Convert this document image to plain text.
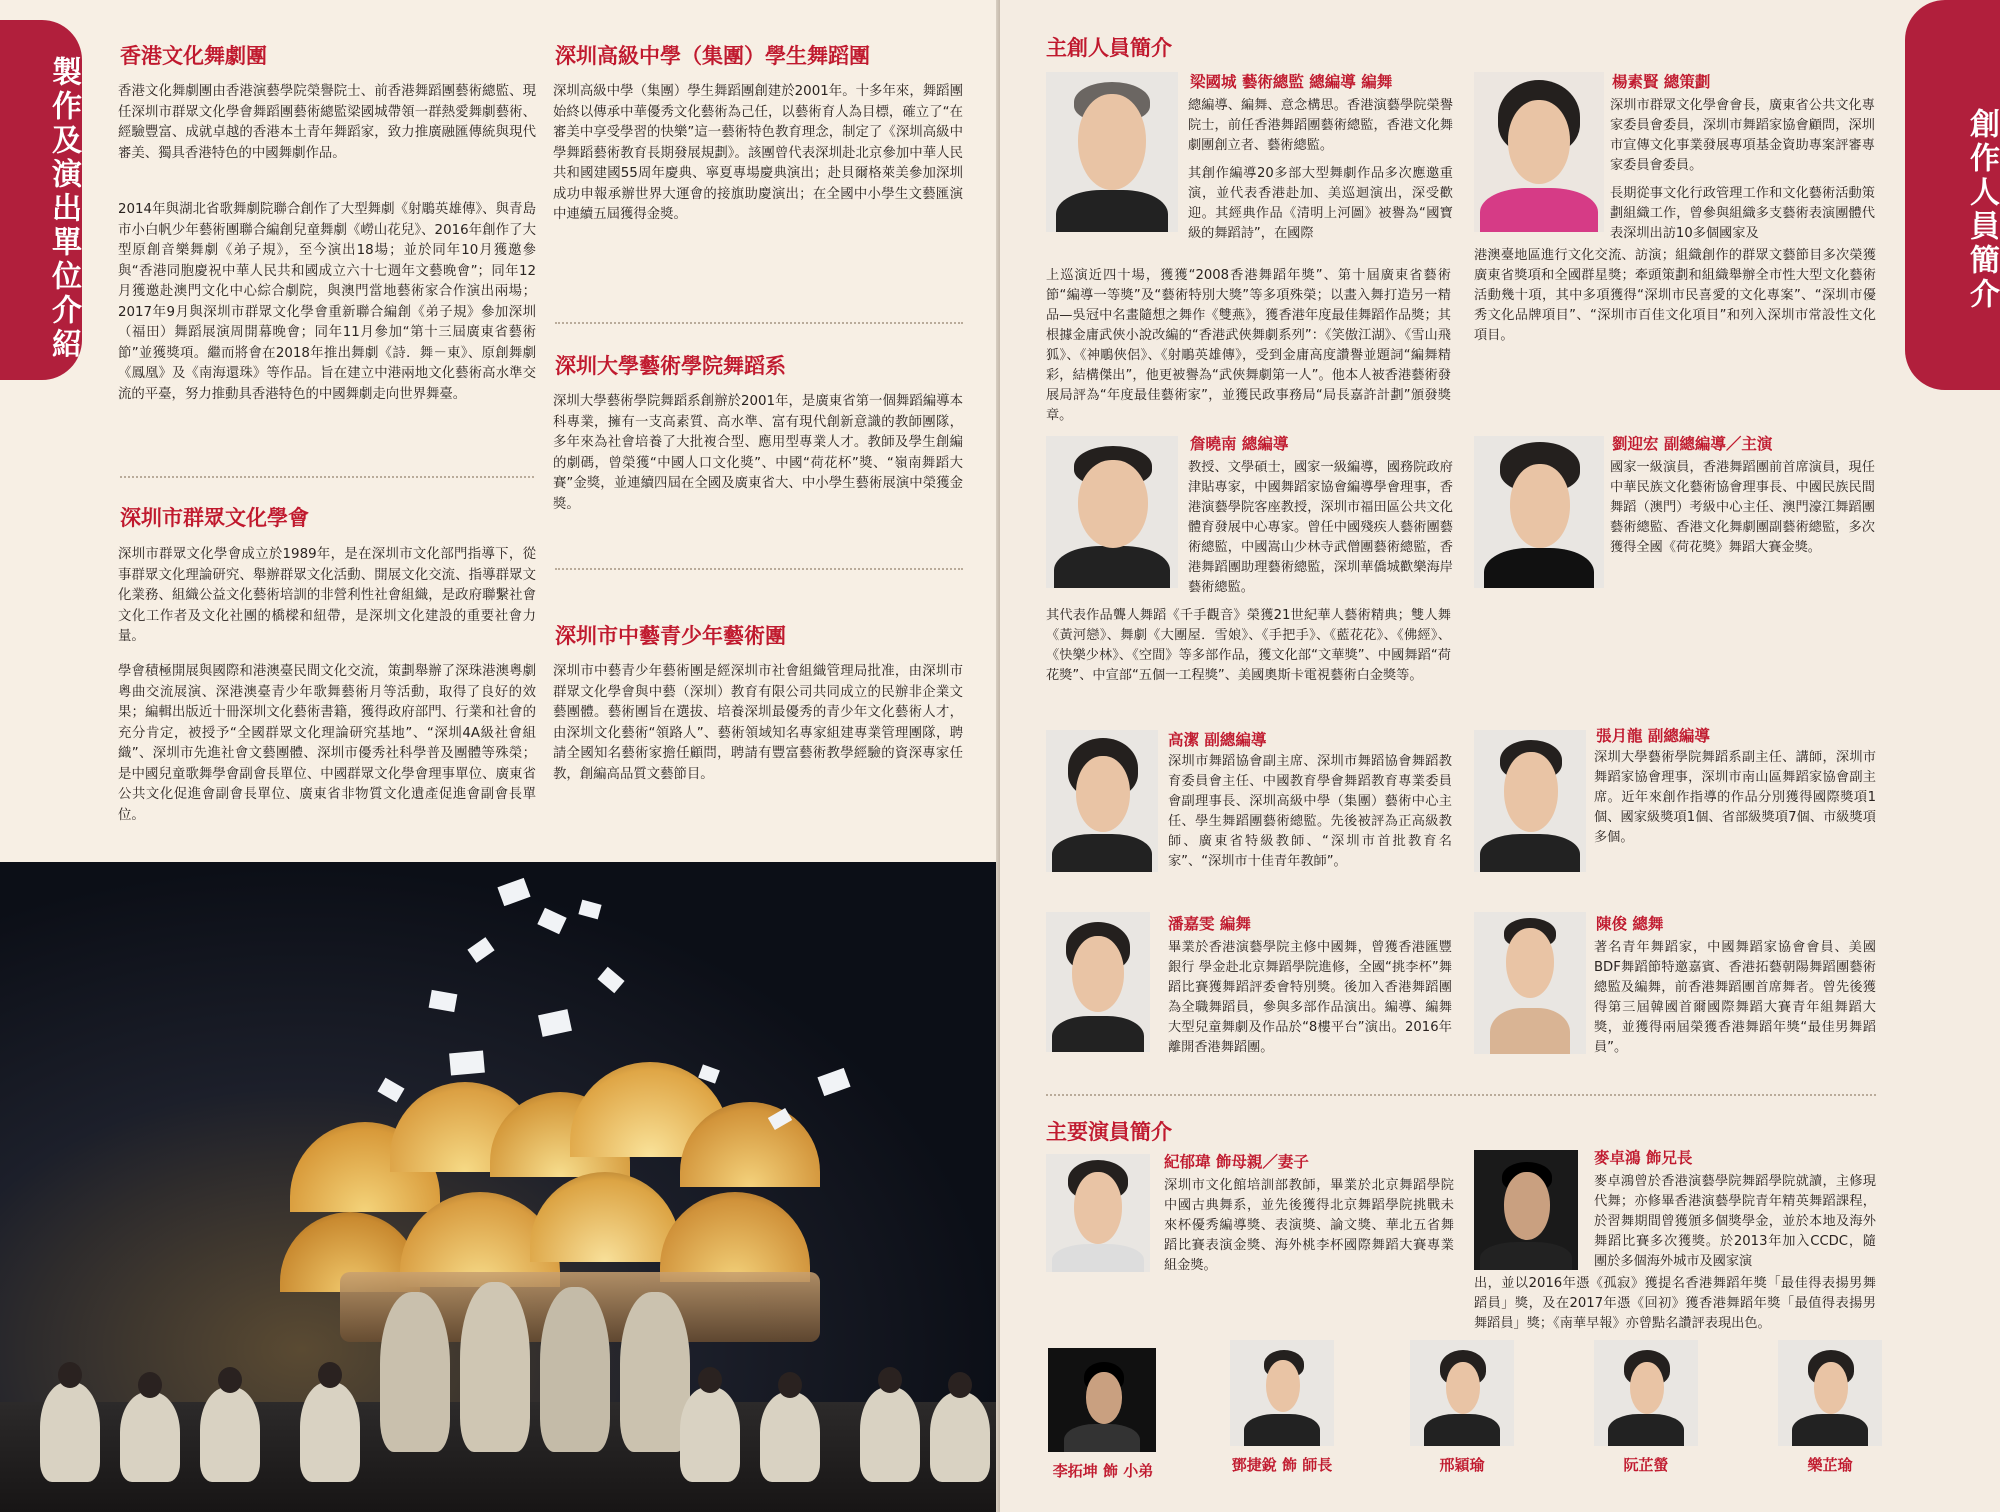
製作及演出單位介紹 香港文化舞劇團
香港文化舞劇團由香港演藝學院榮譽院士、前香港舞蹈團藝術總監、現任深圳市群眾文化學會舞蹈團藝術總監梁國城帶領一群熱愛舞劇藝術、經驗豐富、成就卓越的香港本土青年舞蹈家，致力推廣融匯傳統與現代審美、獨具香港特色的中國舞劇作品。
2014年與湖北省歌舞劇院聯合創作了大型舞劇《射鵰英雄傳》、與青島市小白帆少年藝術團聯合編創兒童舞劇《嶗山花兒》、2016年創作了大型原創音樂舞劇《弟子規》，至今演出18場；並於同年10月獲邀參與“香港同胞慶祝中華人民共和國成立六十七週年文藝晚會”；同年12月獲邀赴澳門文化中心綜合劇院，與澳門當地藝術家合作演出兩場；2017年9月與深圳市群眾文化學會重新聯合編創《弟子規》參加深圳（福田）舞蹈展演周開幕晚會；同年11月參加“第十三屆廣東省藝術節”並獲獎項。繼而將會在2018年推出舞劇《詩．舞－東》、原創舞劇《鳳凰》及《南海還珠》等作品。旨在建立中港兩地文化藝術高水準交流的平臺，努力推動具香港特色的中國舞劇走向世界舞臺。
深圳市群眾文化學會
深圳市群眾文化學會成立於1989年，是在深圳市文化部門指導下，從事群眾文化理論研究、舉辦群眾文化活動、開展文化交流、指導群眾文化業務、組織公益文化藝術培訓的非營利性社會組織，是政府聯繫社會文化工作者及文化社團的橋樑和紐帶，是深圳文化建設的重要社會力量。
學會積極開展與國際和港澳臺民間文化交流，策劃舉辦了深珠港澳粵劇粵曲交流展演、深港澳臺青少年歌舞藝術月等活動，取得了良好的效果；編輯出版近十冊深圳文化藝術書籍，獲得政府部門、行業和社會的充分肯定，被授予“全國群眾文化理論研究基地”、“深圳4A級社會組織”、深圳市先進社會文藝團體、深圳市優秀社科學普及團體等殊榮；是中國兒童歌舞學會副會長單位、中國群眾文化學會理事單位、廣東省公共文化促進會副會長單位、廣東省非物質文化遺產促進會副會長單位。
深圳高級中學（集團）學生舞蹈團
深圳高級中學（集團）學生舞蹈團創建於2001年。十多年來，舞蹈團始終以傳承中華優秀文化藝術為己任，以藝術育人為目標，確立了“在審美中享受學習的快樂”這一藝術特色教育理念，制定了《深圳高級中學舞蹈藝術教育長期發展規劃》。該團曾代表深圳赴北京參加中華人民共和國建國55周年慶典、寧夏專場慶典演出；赴貝爾格萊美參加深圳成功申報承辦世界大運會的接旗助慶演出；在全國中小學生文藝匯演中連續五屆獲得金獎。
深圳大學藝術學院舞蹈系
深圳大學藝術學院舞蹈系創辦於2001年，是廣東省第一個舞蹈編導本科專業，擁有一支高素質、高水準、富有現代創新意識的教師團隊，多年來為社會培養了大批複合型、應用型專業人才。教師及學生創編的劇碼，曾榮獲“中國人口文化獎”、中國“荷花杯”獎、“嶺南舞蹈大賽”金獎，並連續四屆在全國及廣東省大、中小學生藝術展演中榮獲金獎。
深圳市中藝青少年藝術團
深圳市中藝青少年藝術團是經深圳市社會組織管理局批准，由深圳市群眾文化學會與中藝（深圳）教育有限公司共同成立的民辦非企業文藝團體。藝術團旨在選拔、培養深圳最優秀的青少年文化藝術人才，由深圳文化藝術“領路人”、藝術領域知名專家組建專業管理團隊，聘請全國知名藝術家擔任顧問，聘請有豐富藝術教學經驗的資深專家任教，創編高品質文藝節目。
主創人員簡介
梁國城 藝術總監 總編導 編舞
總編導、編舞、意念構思。香港演藝學院榮譽院士，前任香港舞蹈團藝術總監，香港文化舞劇團創立者、藝術總監。
其創作編導20多部大型舞劇作品多次應邀重演，並代表香港赴加、美巡迴演出，深受歡迎。其經典作品《清明上河圖》被譽為“國寶級的舞蹈詩”，在國際
上巡演近四十場，獲獲“2008香港舞蹈年獎”、第十屆廣東省藝術節“編導一等獎”及“藝術特別大獎”等多項殊榮；以畫入舞打造另一精品—吳冠中名畫隨想之舞作《雙燕》，獲香港年度最佳舞蹈作品獎；其根據金庸武俠小說改編的“香港武俠舞劇系列”：《笑傲江湖》、《雪山飛狐》、《神鵰俠侶》、《射鵰英雄傳》，受到金庸高度讚譽並題詞“編舞精彩，結構傑出”，他更被譽為“武俠舞劇第一人”。他本人被香港藝術發展局評為“年度最佳藝術家”，並獲民政事務局“局長嘉許計劃”頒發獎章。
楊素賢 總策劃
深圳市群眾文化學會會長，廣東省公共文化專家委員會委員，深圳市舞蹈家協會顧問，深圳市宣傳文化事業發展專項基金資助專案評審專家委員會委員。
長期從事文化行政管理工作和文化藝術活動策劃組織工作，曾參與組織多支藝術表演團體代表深圳出訪10多個國家及
港澳臺地區進行文化交流、訪演；組織創作的群眾文藝節目多次榮獲廣東省獎項和全國群星獎；牽頭策劃和組織舉辦全市性大型文化藝術活動幾十項，其中多項獲得“深圳市民喜愛的文化專案”、“深圳市優秀文化品牌項目”、“深圳市百佳文化項目”和列入深圳市常設性文化項目。
詹曉南 總編導
教授、文學碩士，國家一級編導，國務院政府津貼專家，中國舞蹈家協會編導學會理事，香港演藝學院客座教授，深圳市福田區公共文化體育發展中心專家。曾任中國殘疾人藝術團藝術總監，中國嵩山少林寺武僧團藝術總監，香港舞蹈團助理藝術總監，深圳華僑城歡樂海岸藝術總監。
其代表作品聾人舞蹈《千手觀音》榮獲21世紀華人藝術精典；雙人舞《黃河戀》、舞劇《大團屋．雪娘》、《手把手》、《藍花花》、《佛經》、《快樂少林》、《空間》等多部作品，獲文化部“文華獎”、中國舞蹈“荷花獎”、中宣部“五個一工程獎”、美國奧斯卡電視藝術白金獎等。
劉迎宏 副總編導／主演
國家一級演員，香港舞蹈團前首席演員，現任中華民族文化藝術協會理事長、中國民族民間舞蹈（澳門）考級中心主任、澳門濠江舞蹈團藝術總監、香港文化舞劇團副藝術總監，多次獲得全國《荷花獎》舞蹈大賽金獎。
高潔 副總編導
深圳市舞蹈協會副主席、深圳市舞蹈協會舞蹈教育委員會主任、中國教育學會舞蹈教育專業委員會副理事長、深圳高級中學（集團）藝術中心主任、學生舞蹈團藝術總監。先後被評為正高級教師、廣東省特級教師、“深圳市首批教育名家”、“深圳市十佳青年教師”。
張月龍 副總編導
深圳大學藝術學院舞蹈系副主任、講師，深圳市舞蹈家協會理事，深圳市南山區舞蹈家協會副主席。近年來創作指導的作品分別獲得國際獎項1個、國家級獎項1個、省部級獎項7個、市級獎項多個。
潘嘉雯 編舞
畢業於香港演藝學院主修中國舞，曾獲香港匯豐銀行 學金赴北京舞蹈學院進修，全國“挑李杯”舞蹈比賽獲舞蹈評委會特別獎。後加入香港舞蹈團為全職舞蹈員，參與多部作品演出。編導、編舞大型兒童舞劇及作品於“8樓平台”演出。2016年離開香港舞蹈團。
陳俊 總舞
著名青年舞蹈家，中國舞蹈家協會會員、美國BDF舞蹈節特邀嘉賓、香港拓藝朝陽舞蹈團藝術總監及編舞，前香港舞蹈團首席舞者。曾先後獲得第三屆韓國首爾國際舞蹈大賽青年組舞蹈大獎，並獲得兩屆榮獲香港舞蹈年獎“最佳男舞蹈員”。
主要演員簡介
紀郁瑋 飾母親／妻子
深圳市文化館培訓部教師，畢業於北京舞蹈學院中國古典舞系，並先後獲得北京舞蹈學院挑戰未來杯優秀編導獎、表演獎、論文獎、華北五省舞蹈比賽表演金獎、海外桃李杯國際舞蹈大賽專業組金獎。
麥卓鴻 飾兄長
麥卓鴻曾於香港演藝學院舞蹈學院就讀，主修現代舞；亦修畢香港演藝學院青年精英舞蹈課程，於習舞期間曾獲頒多個獎學金，並於本地及海外舞蹈比賽多次獲獎。於2013年加入CCDC，隨團於多個海外城市及國家演
出，並以2016年憑《孤寂》獲提名香港舞蹈年獎「最佳得表揚男舞蹈員」獎，及在2017年憑《回初》獲香港舞蹈年獎「最值得表揚男舞蹈員」獎；《南華早報》亦曾點名讚評表現出色。
李拓坤 飾 小弟	鄧捷銳 飾 師長	邢穎瑜	阮芷螢	樂芷瑜
創作人員簡介
